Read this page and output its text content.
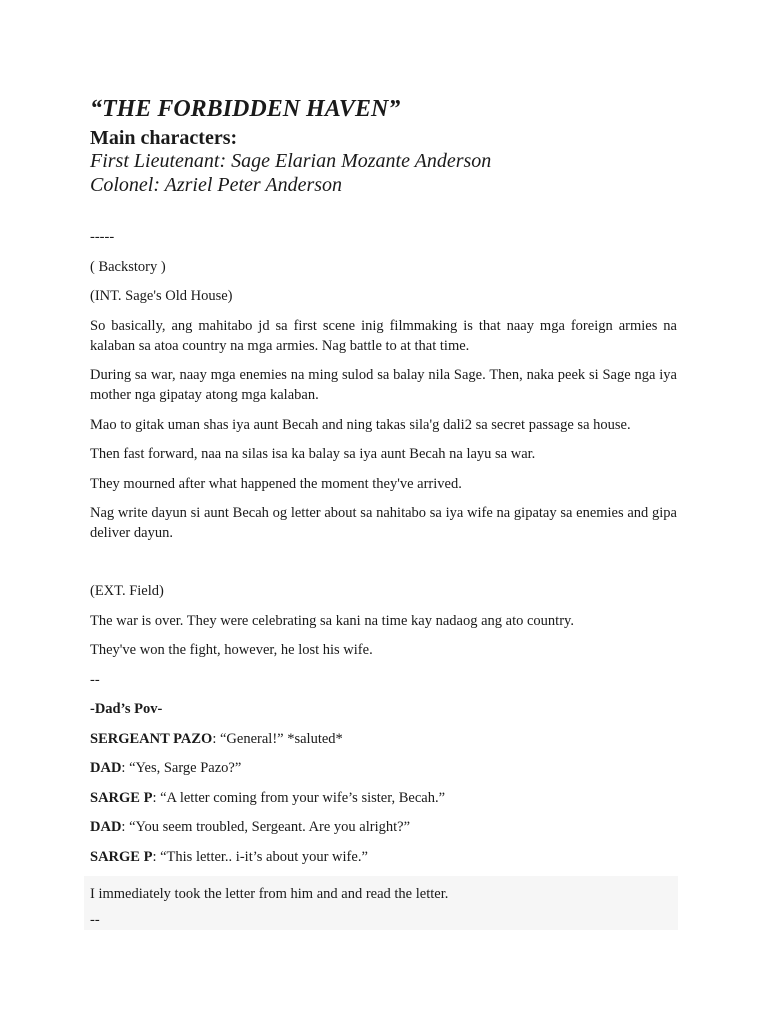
“THE FORBIDDEN HAVEN”
Main characters:

First Lieutenant: Sage Elarian Mozante Anderson

Colonel: Azriel Peter Anderson

-----

( Backstory )

(INT. Sage's Old House)

So basically, ang mahitabo jd sa first scene inig filmmaking is that naay mga foreign armies na kalaban sa atoa country na mga armies. Nag battle to at that time.

During sa war, naay mga enemies na ming sulod sa balay nila Sage. Then, naka peek si Sage nga iya mother nga gipatay atong mga kalaban.

Mao to gitak uman shas iya aunt Becah and ning takas sila'g dali2 sa secret passage sa house.

Then fast forward, naa na silas isa ka balay sa iya aunt Becah na layu sa war.

They mourned after what happened the moment they've arrived.

Nag write dayun si aunt Becah og letter about sa nahitabo sa iya wife na gipatay sa enemies and gipa deliver dayun.

(EXT. Field)

The war is over. They were celebrating sa kani na time kay nadaog ang ato country.

They've won the fight, however, he lost his wife.

--

-Dad’s Pov-

SERGEANT PAZO: “General!” *saluted*

DAD: “Yes, Sarge Pazo?”

SARGE P: “A letter coming from your wife’s sister, Becah.”

DAD: “You seem troubled, Sergeant. Are you alright?”

SARGE P: “This letter.. i-it’s about your wife.”

I immediately took the letter from him and and read the letter.

--
